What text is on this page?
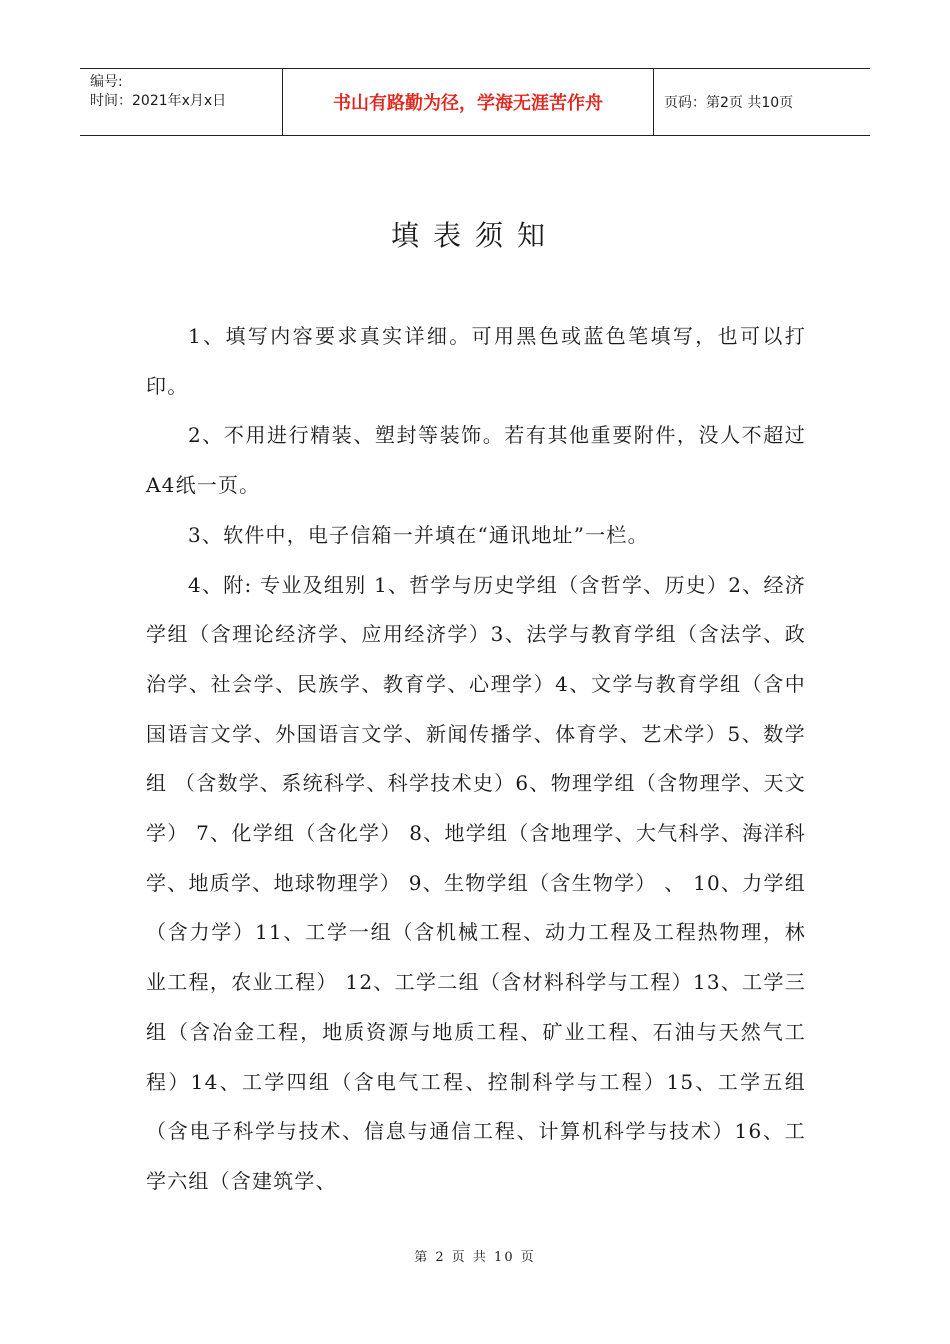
编号:
时间：2021年x月x日	书山有路勤为径，学海无涯苦作舟	页码：第2页 共10页
填表须知

1、填写内容要求真实详细。可用黑色或蓝色笔填写，也可以打印。

2、不用进行精装、塑封等装饰。若有其他重要附件，没人不超过A4纸一页。

3、软件中，电子信箱一并填在“通讯地址”一栏。

4、附: 专业及组别 1、哲学与历史学组（含哲学、历史）2、经济学组（含理论经济学、应用经济学）3、法学与教育学组（含法学、政治学、社会学、民族学、教育学、心理学）4、文学与教育学组（含中国语言文学、外国语言文学、新闻传播学、体育学、艺术学）5、数学组 （含数学、系统科学、科学技术史）6、物理学组（含物理学、天文学） 7、化学组（含化学） 8、地学组（含地理学、大气科学、海洋科学、地质学、地球物理学） 9、生物学组（含生物学） 、 10、力学组（含力学）11、工学一组（含机械工程、动力工程及工程热物理，林业工程，农业工程） 12、工学二组（含材料科学与工程）13、工学三组（含冶金工程，地质资源与地质工程、矿业工程、石油与天然气工程）14、工学四组（含电气工程、控制科学与工程）15、工学五组（含电子科学与技术、信息与通信工程、计算机科学与技术）16、工学六组（含建筑学、

第 2 页 共 10 页
